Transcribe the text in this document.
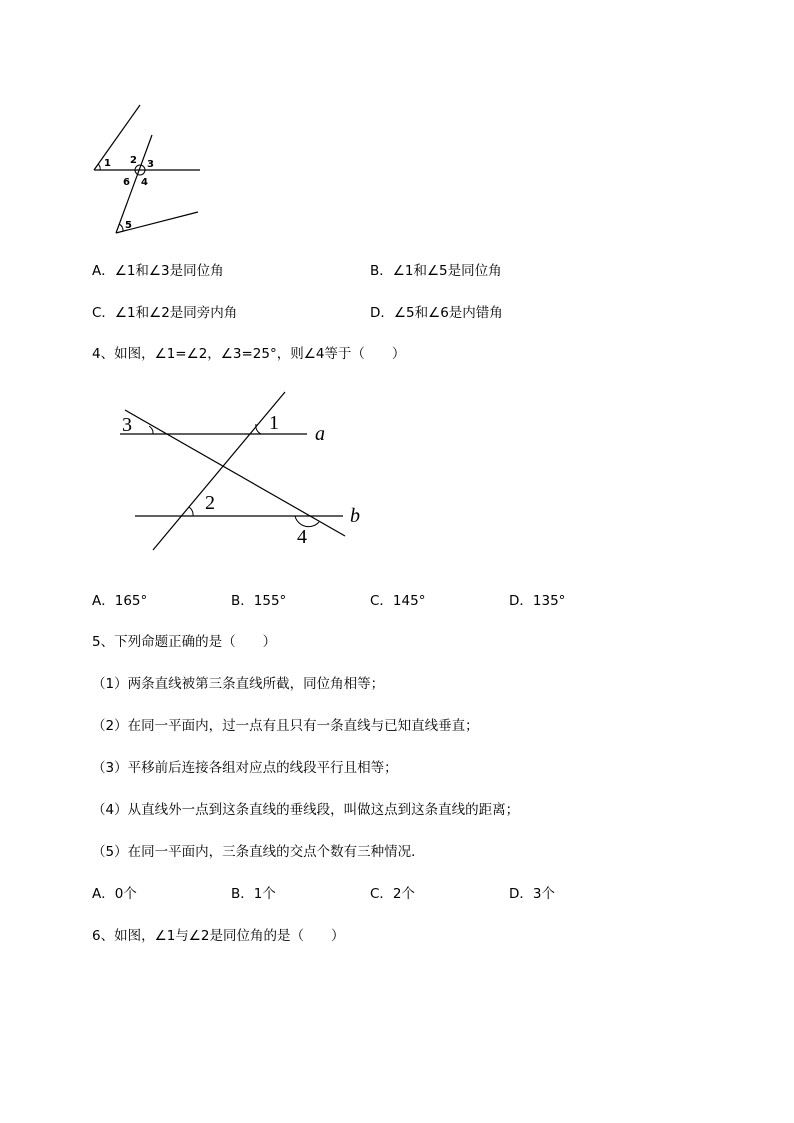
1 2 3
6 4
5
A．∠1和∠3是同位角	B．∠1和∠5是同位角
C．∠1和∠2是同旁内角	D．∠5和∠6是内错角
4、如图，∠1=∠2，∠3=25°，则∠4等于（　　）
3	1 a
2
b
4
A．165°	B．155°	C．145°	D．135°
5、下列命题正确的是（　　）
（1）两条直线被第三条直线所截，同位角相等；
（2）在同一平面内，过一点有且只有一条直线与已知直线垂直；
（3）平移前后连接各组对应点的线段平行且相等；
（4）从直线外一点到这条直线的垂线段，叫做这点到这条直线的距离；
（5）在同一平面内，三条直线的交点个数有三种情况．
A．0个	B．1个	C．2个	D．3个
6、如图，∠1与∠2是同位角的是（　　）
